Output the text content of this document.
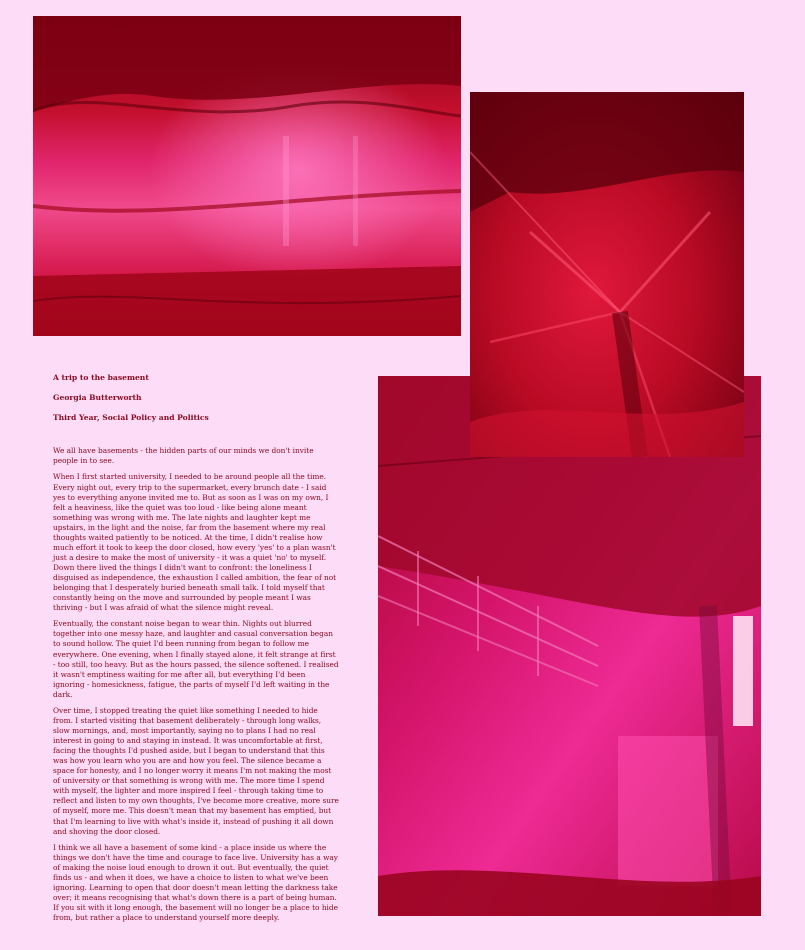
A trip to the basement

Georgia Butterworth

Third Year, Social Policy and Politics

We all have basements - the hidden parts of our minds we don't invite people in to see.

When I first started university, I needed to be around people all the time. Every night out, every trip to the supermarket, every brunch date - I said yes to everything anyone invited me to. But as soon as I was on my own, I felt a heaviness, like the quiet was too loud - like being alone meant something was wrong with me. The late nights and laughter kept me upstairs, in the light and the noise, far from the basement where my real thoughts waited patiently to be noticed. At the time, I didn't realise how much effort it took to keep the door closed, how every 'yes' to a plan wasn't just a desire to make the most of university - it was a quiet 'no' to myself. Down there lived the things I didn't want to confront: the loneliness I disguised as independence, the exhaustion I called ambition, the fear of not belonging that I desperately buried beneath small talk. I told myself that constantly being on the move and surrounded by people meant I was thriving - but I was afraid of what the silence might reveal.

Eventually, the constant noise began to wear thin. Nights out blurred together into one messy haze, and laughter and casual conversation began to sound hollow. The quiet I'd been running from began to follow me everywhere. One evening, when I finally stayed alone, it felt strange at first - too still, too heavy. But as the hours passed, the silence softened. I realised it wasn't emptiness waiting for me after all, but everything I'd been ignoring - homesickness, fatigue, the parts of myself I'd left waiting in the dark.

Over time, I stopped treating the quiet like something I needed to hide from. I started visiting that basement deliberately - through long walks, slow mornings, and, most importantly, saying no to plans I had no real interest in going to and staying in instead. It was uncomfortable at first, facing the thoughts I'd pushed aside, but I began to understand that this was how you learn who you are and how you feel. The silence became a space for honesty, and I no longer worry it means I'm not making the most of university or that something is wrong with me. The more time I spend with myself, the lighter and more inspired I feel - through taking time to reflect and listen to my own thoughts, I've become more creative, more sure of myself, more me. This doesn't mean that my basement has emptied, but that I'm learning to live with what's inside it, instead of pushing it all down and shoving the door closed.

I think we all have a basement of some kind - a place inside us where the things we don't have the time and courage to face live. University has a way of making the noise loud enough to drown it out. But eventually, the quiet finds us - and when it does, we have a choice to listen to what we've been ignoring. Learning to open that door doesn't mean letting the darkness take over; it means recognising that what's down there is a part of being human. If you sit with it long enough, the basement will no longer be a place to hide from, but rather a place to understand yourself more deeply.
